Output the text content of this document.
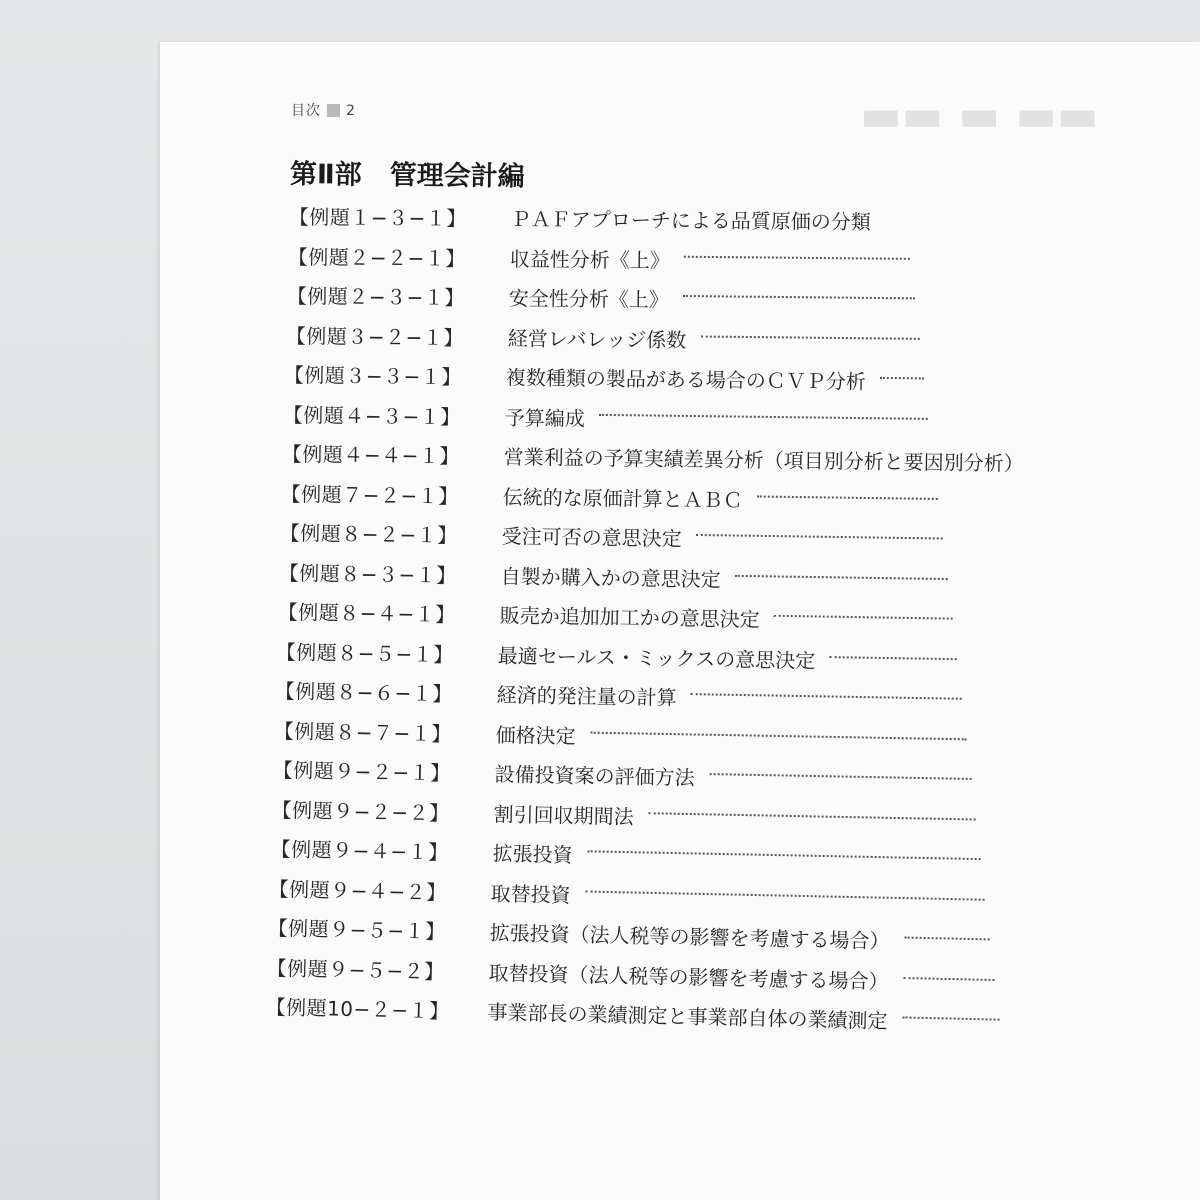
目次 2
第Ⅱ部 管理会計編
【例題１−３−１】 ＰＡＦアプローチによる品質原価の分類
【例題２−２−１】 収益性分析《上》
【例題２−３−１】 安全性分析《上》
【例題３−２−１】 経営レバレッジ係数
【例題３−３−１】 複数種類の製品がある場合のＣＶＰ分析
【例題４−３−１】 予算編成
【例題４−４−１】 営業利益の予算実績差異分析（項目別分析と要因別分析）
【例題７−２−１】 伝統的な原価計算とＡＢＣ
【例題８−２−１】 受注可否の意思決定
【例題８−３−１】 自製か購入かの意思決定
【例題８−４−１】 販売か追加加工かの意思決定
【例題８−５−１】 最適セールス・ミックスの意思決定
【例題８−６−１】 経済的発注量の計算
【例題８−７−１】 価格決定
【例題９−２−１】 設備投資案の評価方法
【例題９−２−２】 割引回収期間法
【例題９−４−１】 拡張投資
【例題９−４−２】 取替投資
【例題９−５−１】 拡張投資（法人税等の影響を考慮する場合）
【例題９−５−２】 取替投資（法人税等の影響を考慮する場合）
【例題10−２−１】 事業部長の業績測定と事業部自体の業績測定
